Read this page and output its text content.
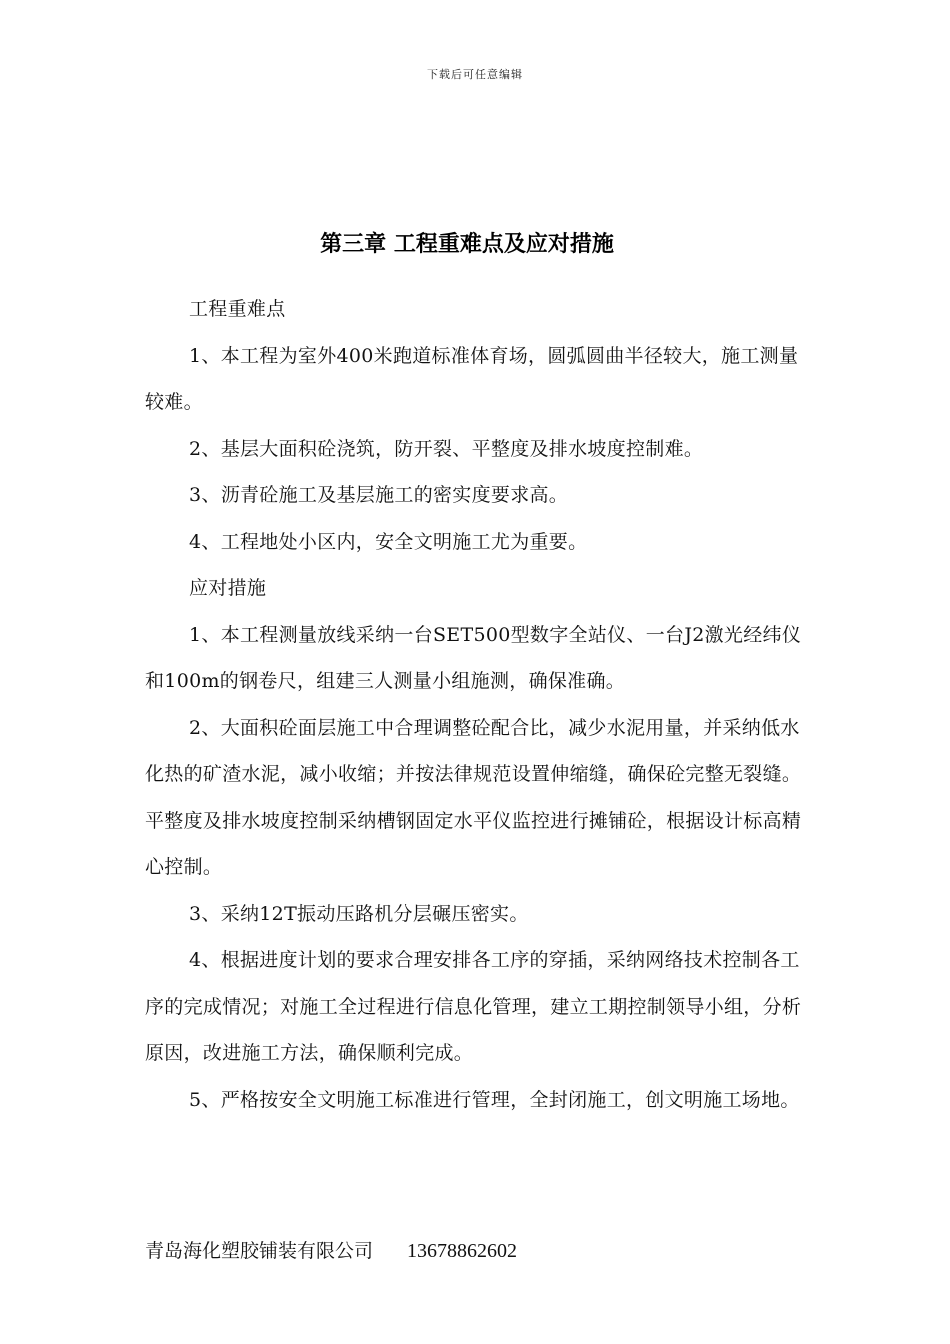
下载后可任意编辑
第三章 工程重难点及应对措施

工程重难点

1、本工程为室外400米跑道标准体育场，圆弧圆曲半径较大，施工测量较难。

2、基层大面积砼浇筑，防开裂、平整度及排水坡度控制难。

3、沥青砼施工及基层施工的密实度要求高。

4、工程地处小区内，安全文明施工尤为重要。

应对措施

1、本工程测量放线采纳一台SET500型数字全站仪、一台J2激光经纬仪和100m的钢卷尺，组建三人测量小组施测，确保准确。

2、大面积砼面层施工中合理调整砼配合比，减少水泥用量，并采纳低水化热的矿渣水泥，减小收缩；并按法律规范设置伸缩缝，确保砼完整无裂缝。平整度及排水坡度控制采纳槽钢固定水平仪监控进行摊铺砼，根据设计标高精心控制。

3、采纳12T振动压路机分层碾压密实。

4、根据进度计划的要求合理安排各工序的穿插，采纳网络技术控制各工序的完成情况；对施工全过程进行信息化管理，建立工期控制领导小组，分析原因，改进施工方法，确保顺利完成。

5、严格按安全文明施工标准进行管理，全封闭施工，创文明施工场地。

青岛海化塑胶铺装有限公司 13678862602
